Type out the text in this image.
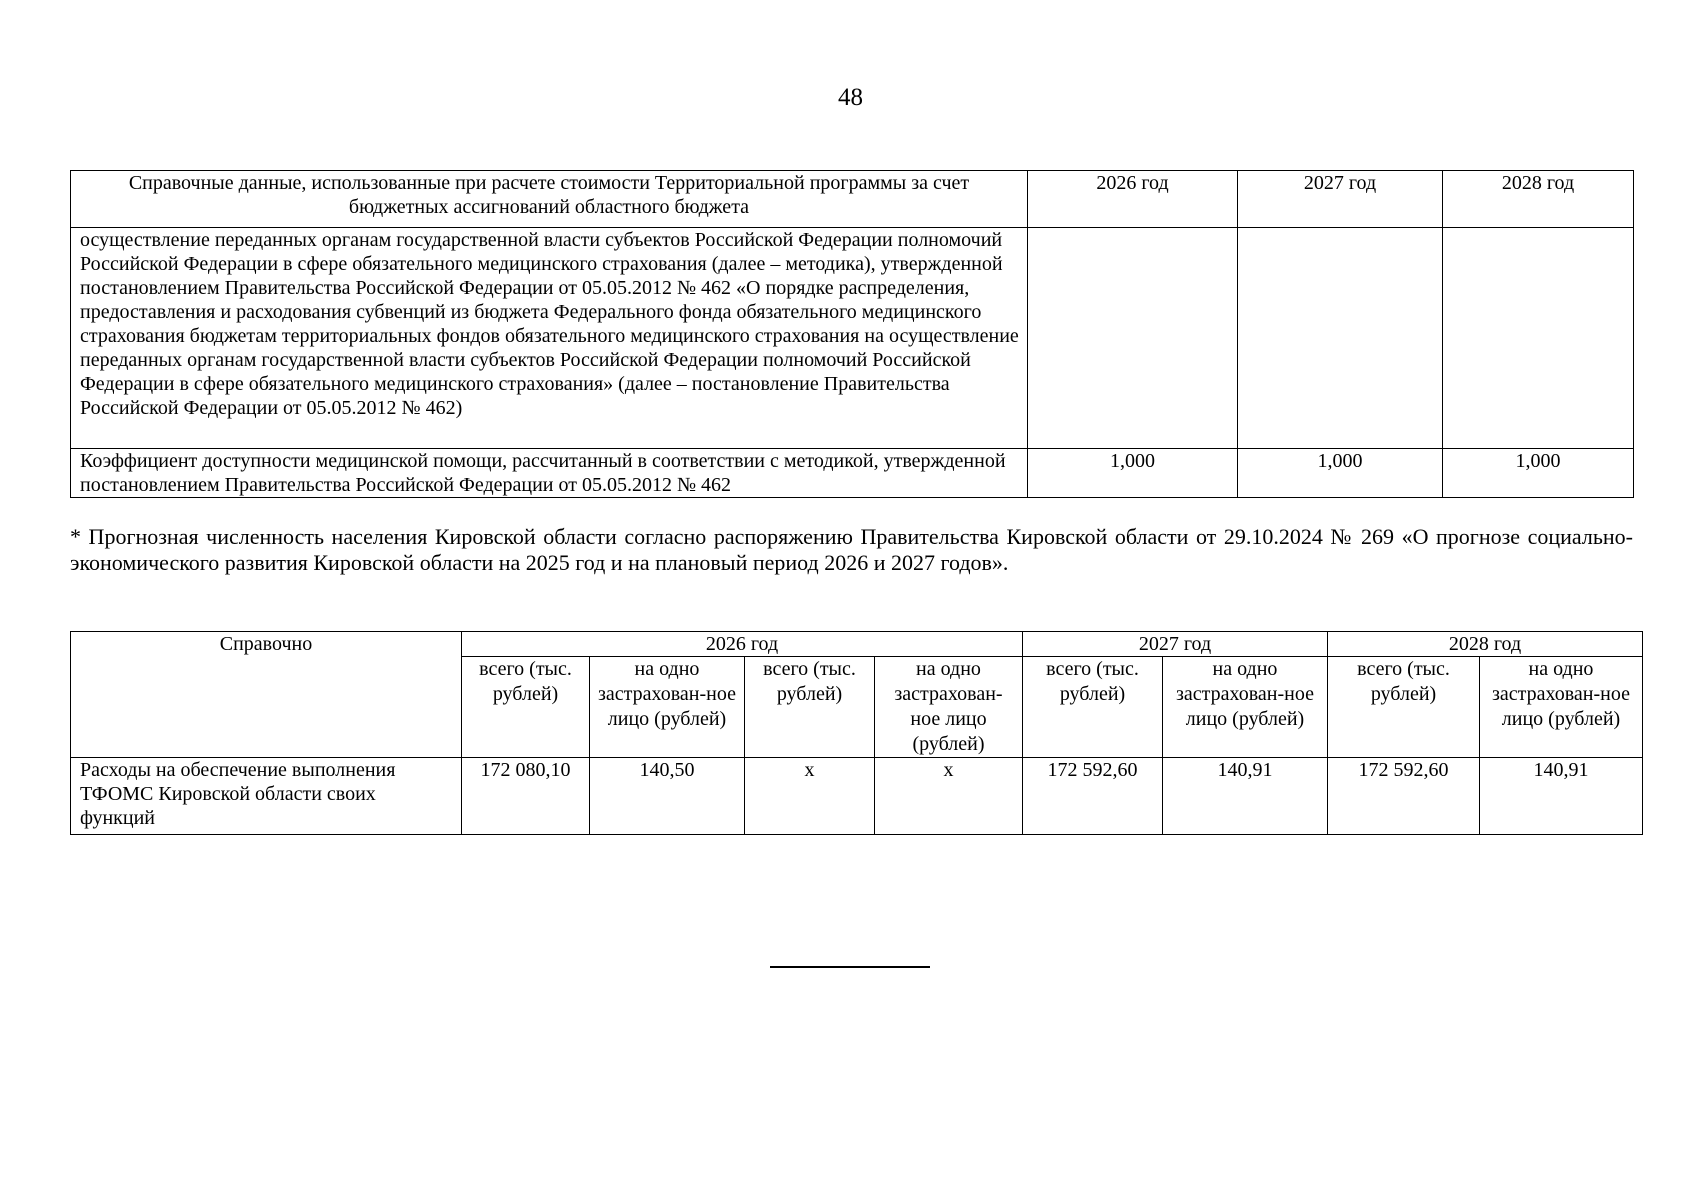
48
Справочные данные, использованные при расчете стоимости Территориальной программы за счет бюджетных ассигнований областного бюджета	2026 год	2027 год	2028 год
осуществление переданных органам государственной власти субъектов Российской Федерации полномочий Российской Федерации в сфере обязательного медицинского страхования (далее – методика), утвержденной постановлением Правительства Российской Федерации от 05.05.2012 № 462 «О порядке распределения, предоставления и расходования субвенций из бюджета Федерального фонда обязательного медицинского страхования бюджетам территориальных фондов обязательного медицинского страхования на осуществление переданных органам государственной власти субъектов Российской Федерации полномочий Российской Федерации в сфере обязательного медицинского страхования» (далее – постановление Правительства Российской Федерации от 05.05.2012 № 462)			
Коэффициент доступности медицинской помощи, рассчитанный в соответствии с методикой, утвержденной постановлением Правительства Российской Федерации от 05.05.2012 № 462	1,000	1,000	1,000
* Прогнозная численность населения Кировской области согласно распоряжению Правительства Кировской области от 29.10.2024 № 269 «О прогнозе социально-экономического развития Кировской области на 2025 год и на плановый период 2026 и 2027 годов».
Справочно	2026 год				2027 год		2028 год	
	всего (тыс. рублей)	на одно застрахован-ное лицо (рублей)	всего (тыс. рублей)	на одно застрахован-ное лицо (рублей)	всего (тыс. рублей)	на одно застрахован-ное лицо (рублей)	всего (тыс. рублей)	на одно застрахован-ное лицо (рублей)
Расходы на обеспечение выполнения ТФОМС Кировской области своих функций	172 080,10	140,50	х	х	172 592,60	140,91	172 592,60	140,91
